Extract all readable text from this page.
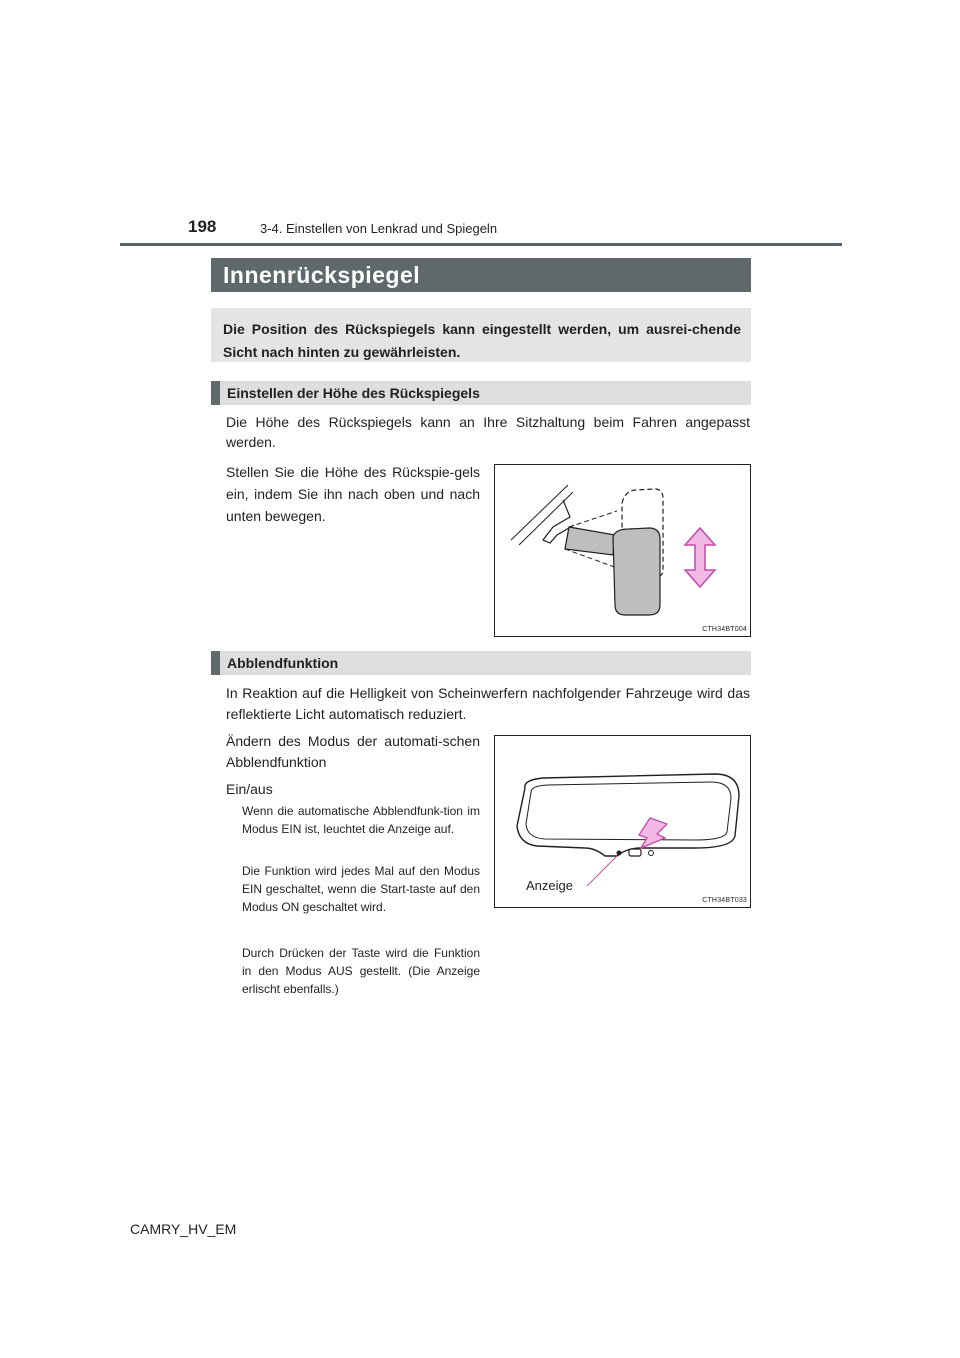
198	3-4. Einstellen von Lenkrad und Spiegeln
Innenrückspiegel
Die Position des Rückspiegels kann eingestellt werden, um ausrei-chende Sicht nach hinten zu gewährleisten.
Einstellen der Höhe des Rückspiegels
Die Höhe des Rückspiegels kann an Ihre Sitzhaltung beim Fahren angepasst werden.
Stellen Sie die Höhe des Rückspie-gels ein, indem Sie ihn nach oben und nach unten bewegen.
CTH34BT004
Abblendfunktion
In Reaktion auf die Helligkeit von Scheinwerfern nachfolgender Fahrzeuge wird das reflektierte Licht automatisch reduziert.
Ändern des Modus der automati-schen Abblendfunktion
Ein/aus
Wenn die automatische Abblendfunk-tion im Modus EIN ist, leuchtet die Anzeige auf.
Die Funktion wird jedes Mal auf den Modus EIN geschaltet, wenn die Start-taste auf den Modus ON geschaltet wird.
Durch Drücken der Taste wird die Funktion in den Modus AUS gestellt. (Die Anzeige erlischt ebenfalls.)
Anzeige
CTH34BT033
CAMRY_HV_EM
